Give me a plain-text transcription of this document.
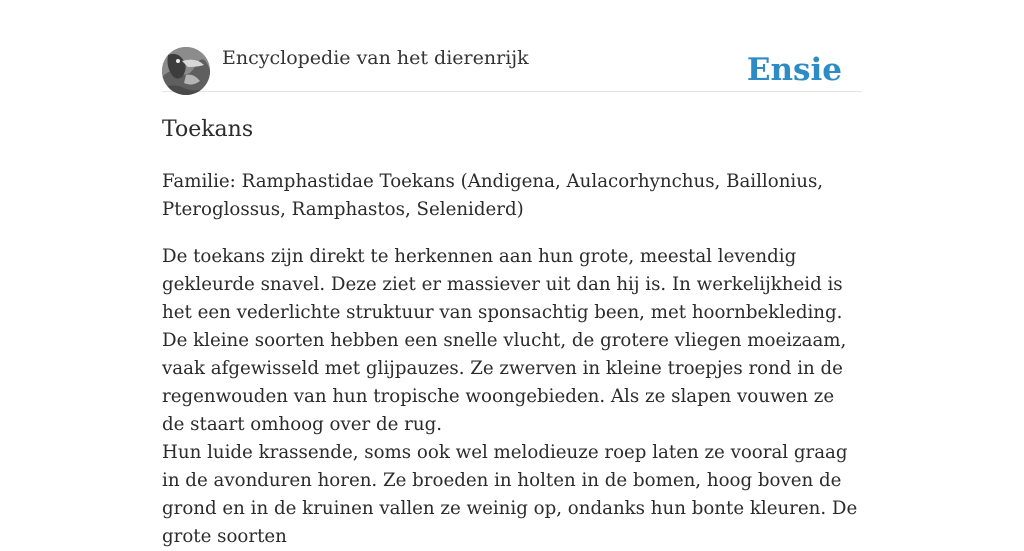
Encyclopedie van het dierenrijk	Ensie
Toekans

Familie: Ramphastidae Toekans (Andigena, Aulacorhynchus, Baillonius, Pteroglossus, Ramphastos, Seleniderd)

De toekans zijn direkt te herkennen aan hun grote, meestal levendig gekleurde snavel. Deze ziet er massiever uit dan hij is. In werkelijkheid is het een vederlichte struktuur van sponsachtig been, met hoornbekleding. De kleine soorten hebben een snelle vlucht, de grotere vliegen moeizaam, vaak afgewisseld met glijpauzes. Ze zwerven in kleine troepjes rond in de regenwouden van hun tropische woongebieden. Als ze slapen vouwen ze de staart omhoog over de rug.

Hun luide krassende, soms ook wel melodieuze roep laten ze vooral graag in de avonduren horen. Ze broeden in holten in de bomen, hoog boven de grond en in de kruinen vallen ze weinig op, ondanks hun bonte kleuren. De grote soorten
